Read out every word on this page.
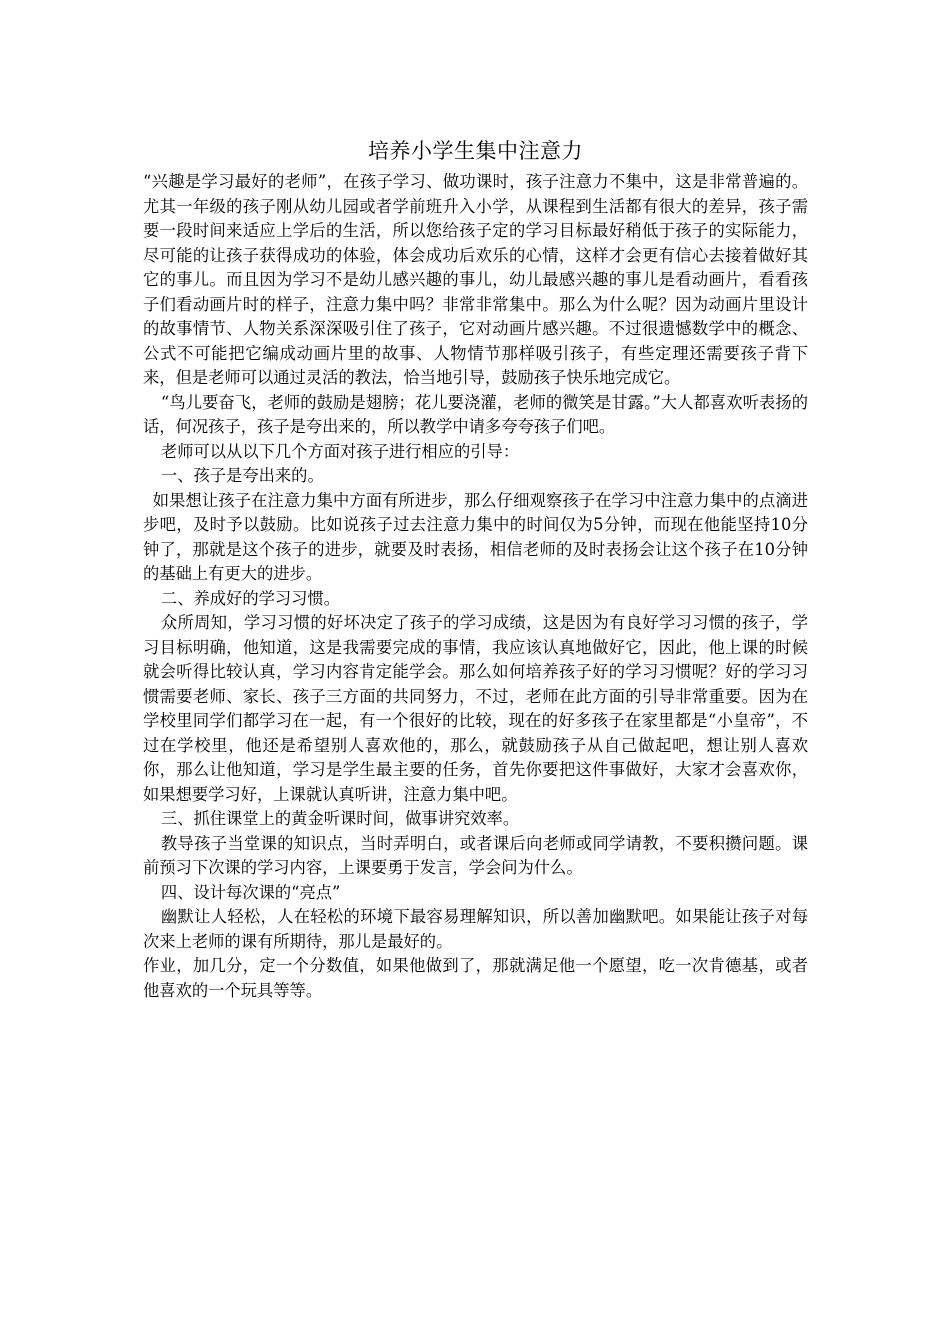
培养小学生集中注意力

“兴趣是学习最好的老师”，在孩子学习、做功课时，孩子注意力不集中，这是非常普遍的。尤其一年级的孩子刚从幼儿园或者学前班升入小学，从课程到生活都有很大的差异，孩子需要一段时间来适应上学后的生活，所以您给孩子定的学习目标最好稍低于孩子的实际能力，尽可能的让孩子获得成功的体验，体会成功后欢乐的心情，这样才会更有信心去接着做好其它的事儿。而且因为学习不是幼儿感兴趣的事儿，幼儿最感兴趣的事儿是看动画片，看看孩子们看动画片时的样子，注意力集中吗？非常非常集中。那么为什么呢？因为动画片里设计的故事情节、人物关系深深吸引住了孩子，它对动画片感兴趣。不过很遗憾数学中的概念、公式不可能把它编成动画片里的故事、人物情节那样吸引孩子，有些定理还需要孩子背下来，但是老师可以通过灵活的教法，恰当地引导，鼓励孩子快乐地完成它。

“鸟儿要奋飞，老师的鼓励是翅膀；花儿要浇灌，老师的微笑是甘露。”大人都喜欢听表扬的话，何况孩子，孩子是夸出来的，所以教学中请多夸夸孩子们吧。

老师可以从以下几个方面对孩子进行相应的引导：

一、孩子是夸出来的。

如果想让孩子在注意力集中方面有所进步，那么仔细观察孩子在学习中注意力集中的点滴进步吧，及时予以鼓励。比如说孩子过去注意力集中的时间仅为5分钟，而现在他能坚持10分钟了，那就是这个孩子的进步，就要及时表扬，相信老师的及时表扬会让这个孩子在10分钟的基础上有更大的进步。

二、养成好的学习习惯。

众所周知，学习习惯的好坏决定了孩子的学习成绩，这是因为有良好学习习惯的孩子，学习目标明确，他知道，这是我需要完成的事情，我应该认真地做好它，因此，他上课的时候就会听得比较认真，学习内容肯定能学会。那么如何培养孩子好的学习习惯呢？好的学习习惯需要老师、家长、孩子三方面的共同努力，不过，老师在此方面的引导非常重要。因为在学校里同学们都学习在一起，有一个很好的比较，现在的好多孩子在家里都是“小皇帝”，不过在学校里，他还是希望别人喜欢他的，那么，就鼓励孩子从自己做起吧，想让别人喜欢你，那么让他知道，学习是学生最主要的任务，首先你要把这件事做好，大家才会喜欢你，如果想要学习好，上课就认真听讲，注意力集中吧。

三、抓住课堂上的黄金听课时间，做事讲究效率。

教导孩子当堂课的知识点，当时弄明白，或者课后向老师或同学请教，不要积攒问题。课前预习下次课的学习内容，上课要勇于发言，学会问为什么。

四、设计每次课的“亮点”

幽默让人轻松，人在轻松的环境下最容易理解知识，所以善加幽默吧。如果能让孩子对每次来上老师的课有所期待，那儿是最好的。

作业，加几分，定一个分数值，如果他做到了，那就满足他一个愿望，吃一次肯德基，或者他喜欢的一个玩具等等。
